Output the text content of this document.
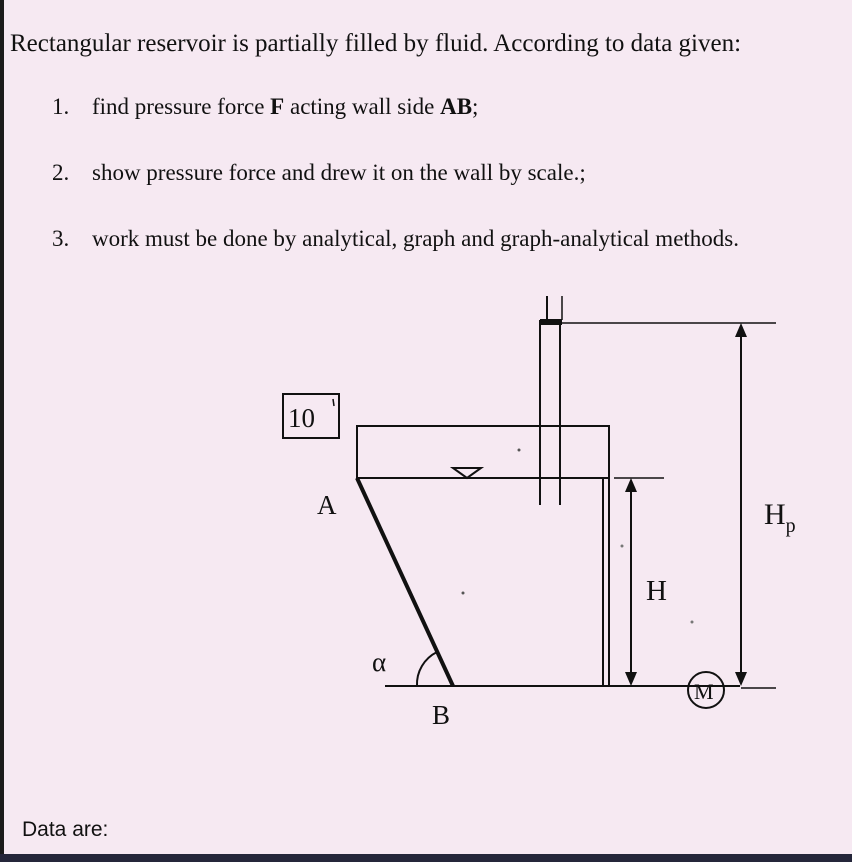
Rectangular reservoir is partially filled by fluid. According to data given:
1. find pressure force F acting wall side AB;
2. show pressure force and drew it on the wall by scale.;
3. work must be done by analytical, graph and graph-analytical methods.
10
A
B
α
H
$H_p$
M
Data are:
